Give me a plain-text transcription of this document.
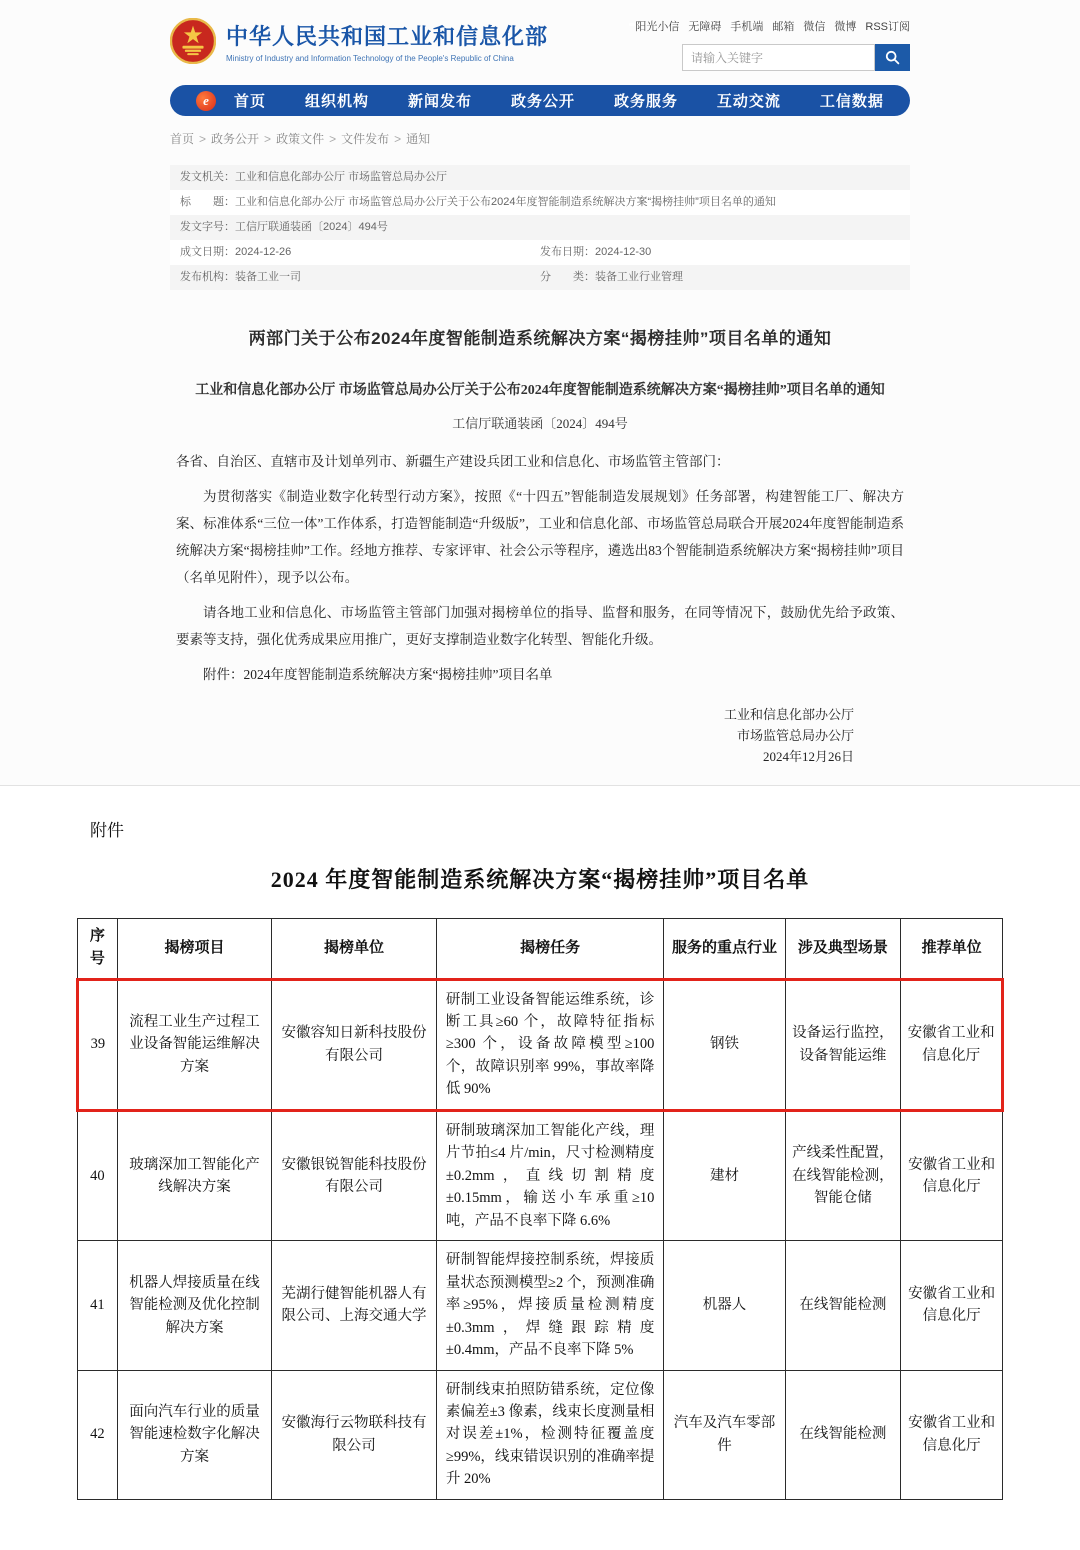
中华人民共和国工业和信息化部
Ministry of Industry and Information Technology of the People's Republic of China
阳光小信 无障碍 手机端 邮箱 微信 微博 RSS订阅
请输入关键字
e	首页	组织机构	新闻发布	政务公开	政务服务	互动交流	工信数据
首页 > 政务公开 > 政策文件 > 文件发布 > 通知
发文机关： 工业和信息化部办公厅 市场监管总局办公厅
标　　题： 工业和信息化部办公厅 市场监管总局办公厅关于公布2024年度智能制造系统解决方案“揭榜挂帅”项目名单的通知
发文字号： 工信厅联通装函〔2024〕494号
成文日期： 2024-12-26	发布日期： 2024-12-30
发布机构： 装备工业一司	分　　类： 装备工业行业管理
两部门关于公布2024年度智能制造系统解决方案“揭榜挂帅”项目名单的通知
工业和信息化部办公厅 市场监管总局办公厅关于公布2024年度智能制造系统解决方案“揭榜挂帅”项目名单的通知
工信厅联通装函〔2024〕494号

各省、自治区、直辖市及计划单列市、新疆生产建设兵团工业和信息化、市场监管主管部门：

为贯彻落实《制造业数字化转型行动方案》，按照《“十四五”智能制造发展规划》任务部署，构建智能工厂、解决方案、标准体系“三位一体”工作体系，打造智能制造“升级版”，工业和信息化部、市场监管总局联合开展2024年度智能制造系统解决方案“揭榜挂帅”工作。经地方推荐、专家评审、社会公示等程序，遴选出83个智能制造系统解决方案“揭榜挂帅”项目（名单见附件），现予以公布。

请各地工业和信息化、市场监管主管部门加强对揭榜单位的指导、监督和服务，在同等情况下，鼓励优先给予政策、要素等支持，强化优秀成果应用推广，更好支撑制造业数字化转型、智能化升级。

附件：2024年度智能制造系统解决方案“揭榜挂帅”项目名单

工业和信息化部办公厅
市场监管总局办公厅
2024年12月26日
附件
2024 年度智能制造系统解决方案“揭榜挂帅”项目名单
序号	揭榜项目	揭榜单位	揭榜任务	服务的重点行业	涉及典型场景	推荐单位
39	流程工业生产过程工业设备智能运维解决方案	安徽容知日新科技股份有限公司	研制工业设备智能运维系统，诊断工具≥60 个，故障特征指标≥300 个，设备故障模型≥100 个，故障识别率 99%，事故率降低 90%	钢铁	设备运行监控，设备智能运维	安徽省工业和信息化厅
40	玻璃深加工智能化产线解决方案	安徽银锐智能科技股份有限公司	研制玻璃深加工智能化产线，理片节拍≤4 片/min，尺寸检测精度±0.2mm，直线切割精度±0.15mm，输送小车承重≥10 吨，产品不良率下降 6.6%	建材	产线柔性配置，在线智能检测，智能仓储	安徽省工业和信息化厅
41	机器人焊接质量在线智能检测及优化控制解决方案	芜湖行健智能机器人有限公司、上海交通大学	研制智能焊接控制系统，焊接质量状态预测模型≥2 个，预测准确率≥95%，焊接质量检测精度±0.3mm，焊缝跟踪精度±0.4mm，产品不良率下降 5%	机器人	在线智能检测	安徽省工业和信息化厅
42	面向汽车行业的质量智能速检数字化解决方案	安徽海行云物联科技有限公司	研制线束拍照防错系统，定位像素偏差±3 像素，线束长度测量相对误差±1%，检测特征覆盖度≥99%，线束错误识别的准确率提升 20%	汽车及汽车零部件	在线智能检测	安徽省工业和信息化厅
